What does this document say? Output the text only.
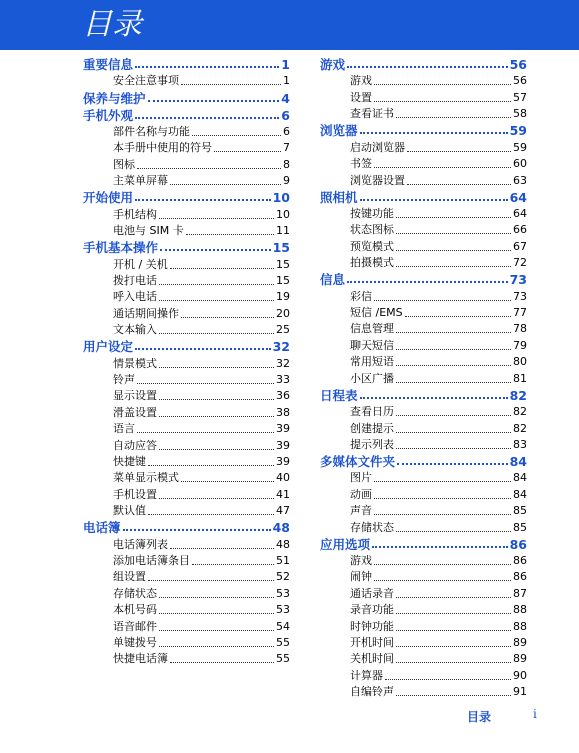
目录
重要信息	1
安全注意事项	1
保养与维护	4
手机外观	6
部件名称与功能	6
本手册中使用的符号	7
图标	8
主菜单屏幕	9
开始使用	10
手机结构	10
电池与 SIM 卡	11
手机基本操作	15
开机 / 关机	15
拨打电话	15
呼入电话	19
通话期间操作	20
文本输入	25
用户设定	32
情景模式	32
铃声	33
显示设置	36
滑盖设置	38
语言	39
自动应答	39
快捷键	39
菜单显示模式	40
手机设置	41
默认值	47
电话簿	48
电话簿列表	48
添加电话簿条目	51
组设置	52
存储状态	53
本机号码	53
语音邮件	54
单键拨号	55
快捷电话簿	55
游戏	56
游戏	56
设置	57
查看证书	58
浏览器	59
启动浏览器	59
书签	60
浏览器设置	63
照相机	64
按键功能	64
状态图标	66
预览模式	67
拍摄模式	72
信息	73
彩信	73
短信 /EMS	77
信息管理	78
聊天短信	79
常用短语	80
小区广播	81
日程表	82
查看日历	82
创建提示	82
提示列表	83
多媒体文件夹	84
图片	84
动画	84
声音	85
存储状态	85
应用选项	86
游戏	86
闹钟	86
通话录音	87
录音功能	88
时钟功能	88
开机时间	89
关机时间	89
计算器	90
自编铃声	91
目录	i
